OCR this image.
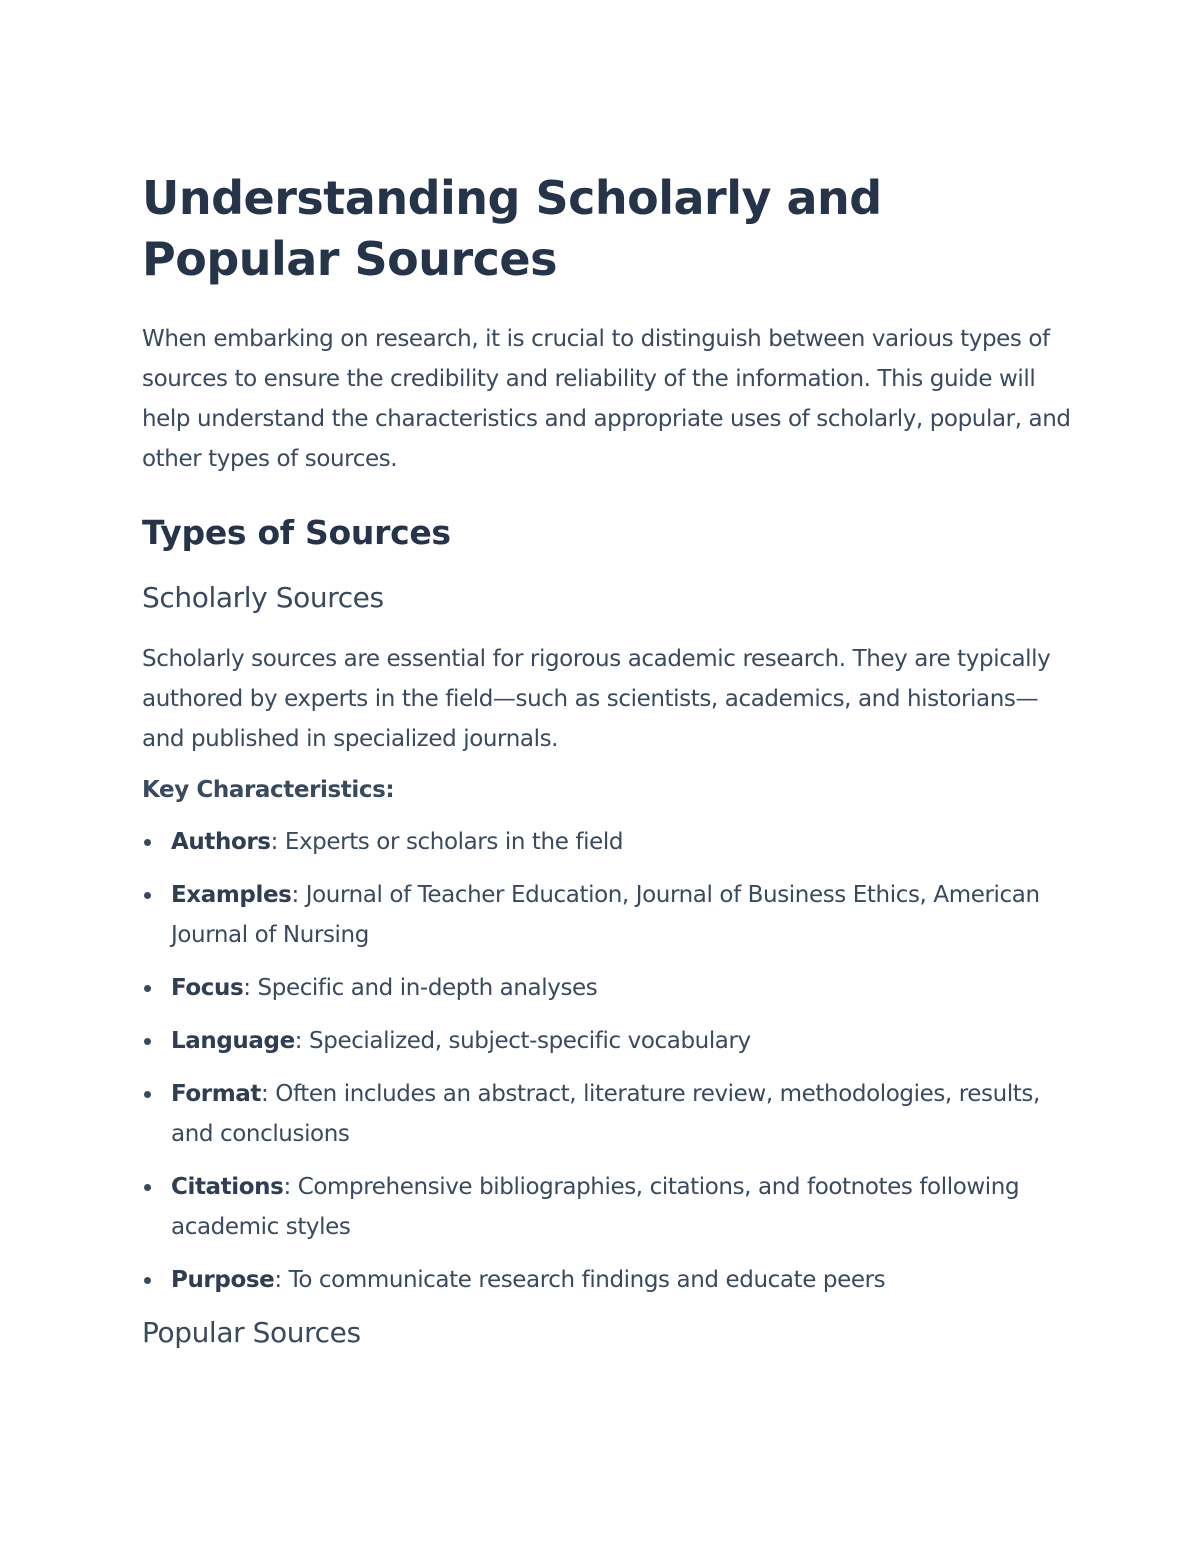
Understanding Scholarly and Popular Sources

When embarking on research, it is crucial to distinguish between various types of sources to ensure the credibility and reliability of the information. This guide will help understand the characteristics and appropriate uses of scholarly, popular, and other types of sources.

Types of Sources
Scholarly Sources

Scholarly sources are essential for rigorous academic research. They are typically authored by experts in the field—such as scientists, academics, and historians—and published in specialized journals.

Key Characteristics:
Authors: Experts or scholars in the field
Examples: Journal of Teacher Education, Journal of Business Ethics, American Journal of Nursing
Focus: Specific and in-depth analyses
Language: Specialized, subject-specific vocabulary
Format: Often includes an abstract, literature review, methodologies, results, and conclusions
Citations: Comprehensive bibliographies, citations, and footnotes following academic styles
Purpose: To communicate research findings and educate peers
Popular Sources
